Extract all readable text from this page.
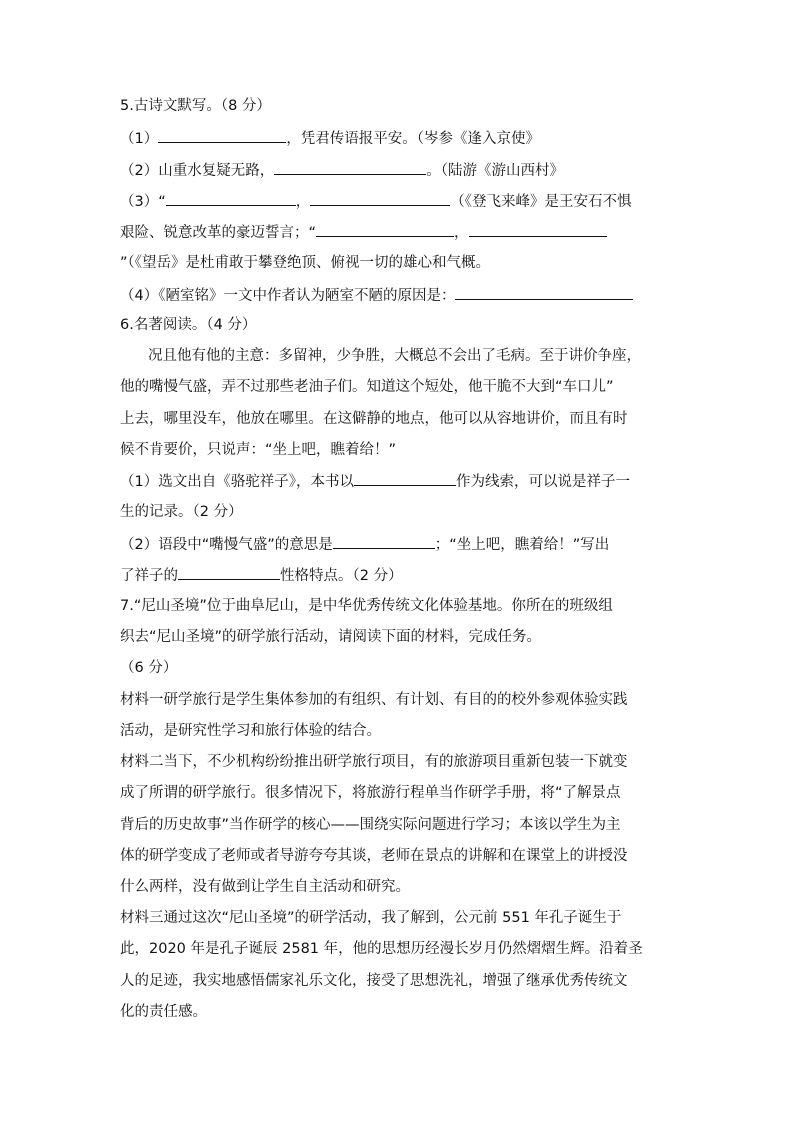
5.古诗文默写。（8 分）
（1）	，凭君传语报平安。（岑参《逢入京使》
（2）山重水复疑无路，	。（陆游《游山西村》
（3）“	，	（《登飞来峰》是王安石不惧
艰险、锐意改革的豪迈誓言；“	，
”（《望岳》是杜甫敢于攀登绝顶、俯视一切的雄心和气概。
（4）《陋室铭》一文中作者认为陋室不陋的原因是：
6.名著阅读。（4 分）
况且他有他的主意：多留神，少争胜，大概总不会出了毛病。至于讲价争座，
他的嘴慢气盛，弄不过那些老油子们。知道这个短处，他干脆不大到“车口儿”
上去，哪里没车，他放在哪里。在这僻静的地点，他可以从容地讲价，而且有时
候不肯要价，只说声：“坐上吧，瞧着给！”
（1）选文出自《骆驼祥子》，本书以	作为线索，可以说是祥子一
生的记录。（2 分）
（2）语段中“嘴慢气盛”的意思是	；“坐上吧，瞧着给！”写出
了祥子的	性格特点。（2 分）
7.“尼山圣境”位于曲阜尼山，是中华优秀传统文化体验基地。你所在的班级组
织去“尼山圣境”的研学旅行活动，请阅读下面的材料，完成任务。
（6 分）
材料一研学旅行是学生集体参加的有组织、有计划、有目的的校外参观体验实践
活动，是研究性学习和旅行体验的结合。
材料二当下，不少机构纷纷推出研学旅行项目，有的旅游项目重新包装一下就变
成了所谓的研学旅行。很多情况下，将旅游行程单当作研学手册，将“了解景点
背后的历史故事”当作研学的核心——围绕实际问题进行学习；本该以学生为主
体的研学变成了老师或者导游夸夸其谈，老师在景点的讲解和在课堂上的讲授没
什么两样，没有做到让学生自主活动和研究。
材料三通过这次“尼山圣境”的研学活动，我了解到，公元前 551 年孔子诞生于
此，2020 年是孔子诞辰 2581 年，他的思想历经漫长岁月仍然熠熠生辉。沿着圣
人的足迹，我实地感悟儒家礼乐文化，接受了思想洗礼，增强了继承优秀传统文
化的责任感。
